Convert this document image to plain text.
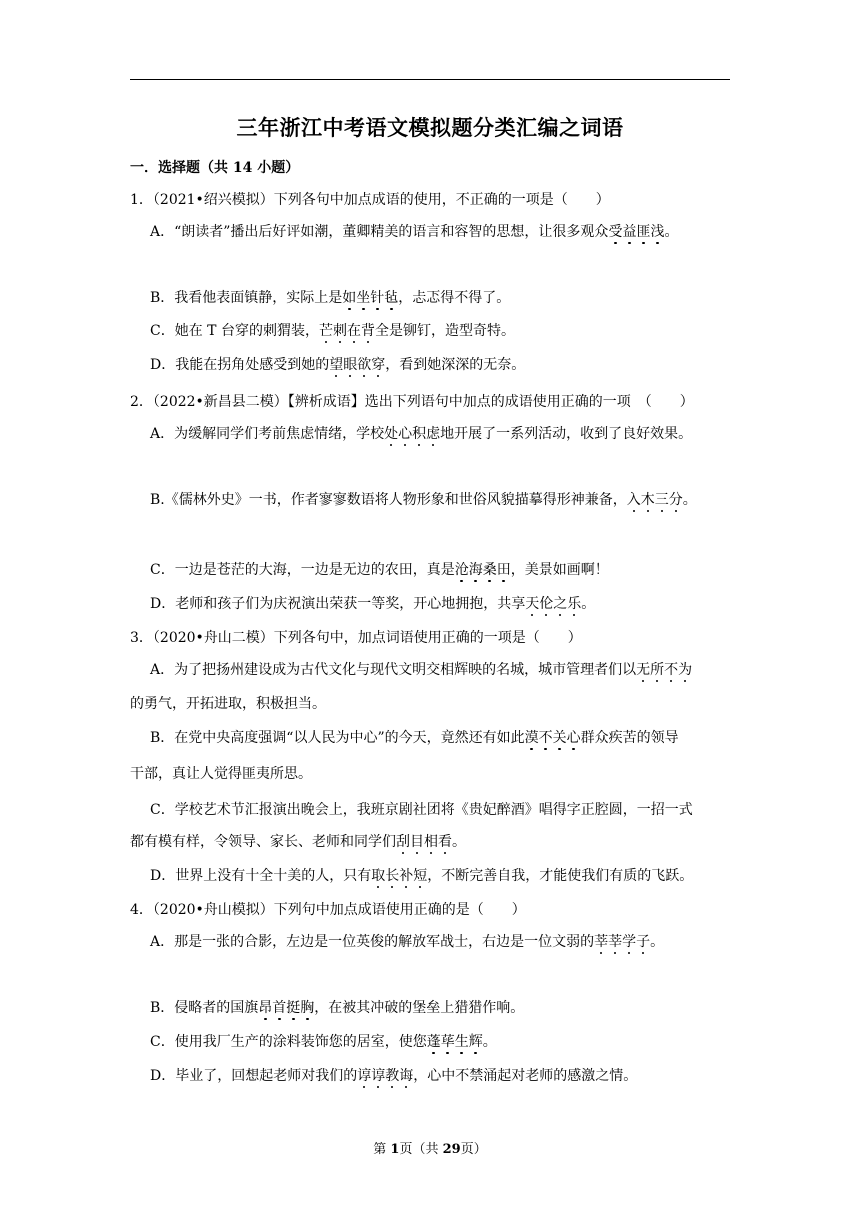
三年浙江中考语文模拟题分类汇编之词语
一．选择题（共 14 小题）
1．（2021•绍兴模拟）下列各句中加点成语的使用，不正确的一项是（　　）
A．“朗读者”播出后好评如潮，董卿精美的语言和容智的思想，让很多观众受益匪浅。
B．我看他表面镇静，实际上是如坐针毡，忐忑得不得了。
C．她在 T 台穿的刺猬装，芒刺在背全是铆钉，造型奇特。
D．我能在拐角处感受到她的望眼欲穿，看到她深深的无奈。
2．（2022•新昌县二模）【辨析成语】选出下列语句中加点的成语使用正确的一项　（　　）
A．为缓解同学们考前焦虑情绪，学校处心积虑地开展了一系列活动，收到了良好效果。
B.《儒林外史》一书，作者寥寥数语将人物形象和世俗风貌描摹得形神兼备，入木三分。
C．一边是苍茫的大海，一边是无边的农田，真是沧海桑田，美景如画啊！
D．老师和孩子们为庆祝演出荣获一等奖，开心地拥抱，共享天伦之乐。
3．（2020•舟山二模）下列各句中，加点词语使用正确的一项是（　　）
A．为了把扬州建设成为古代文化与现代文明交相辉映的名城，城市管理者们以无所不为
的勇气，开拓进取，积极担当。
B．在党中央高度强调“以人民为中心”的今天，竟然还有如此漠不关心群众疾苦的领导
干部，真让人觉得匪夷所思。
C．学校艺术节汇报演出晚会上，我班京剧社团将《贵妃醉酒》唱得字正腔圆，一招一式
都有模有样，令领导、家长、老师和同学们刮目相看。
D．世界上没有十全十美的人，只有取长补短，不断完善自我，才能使我们有质的飞跃。
4．（2020•舟山模拟）下列句中加点成语使用正确的是（　　）
A．那是一张的合影，左边是一位英俊的解放军战士，右边是一位文弱的莘莘学子。
B．侵略者的国旗昂首挺胸，在被其冲破的堡垒上猎猎作响。
C．使用我厂生产的涂料装饰您的居室，使您蓬荜生辉。
D．毕业了，回想起老师对我们的谆谆教诲，心中不禁涌起对老师的感激之情。
第 1页（共 29页）
